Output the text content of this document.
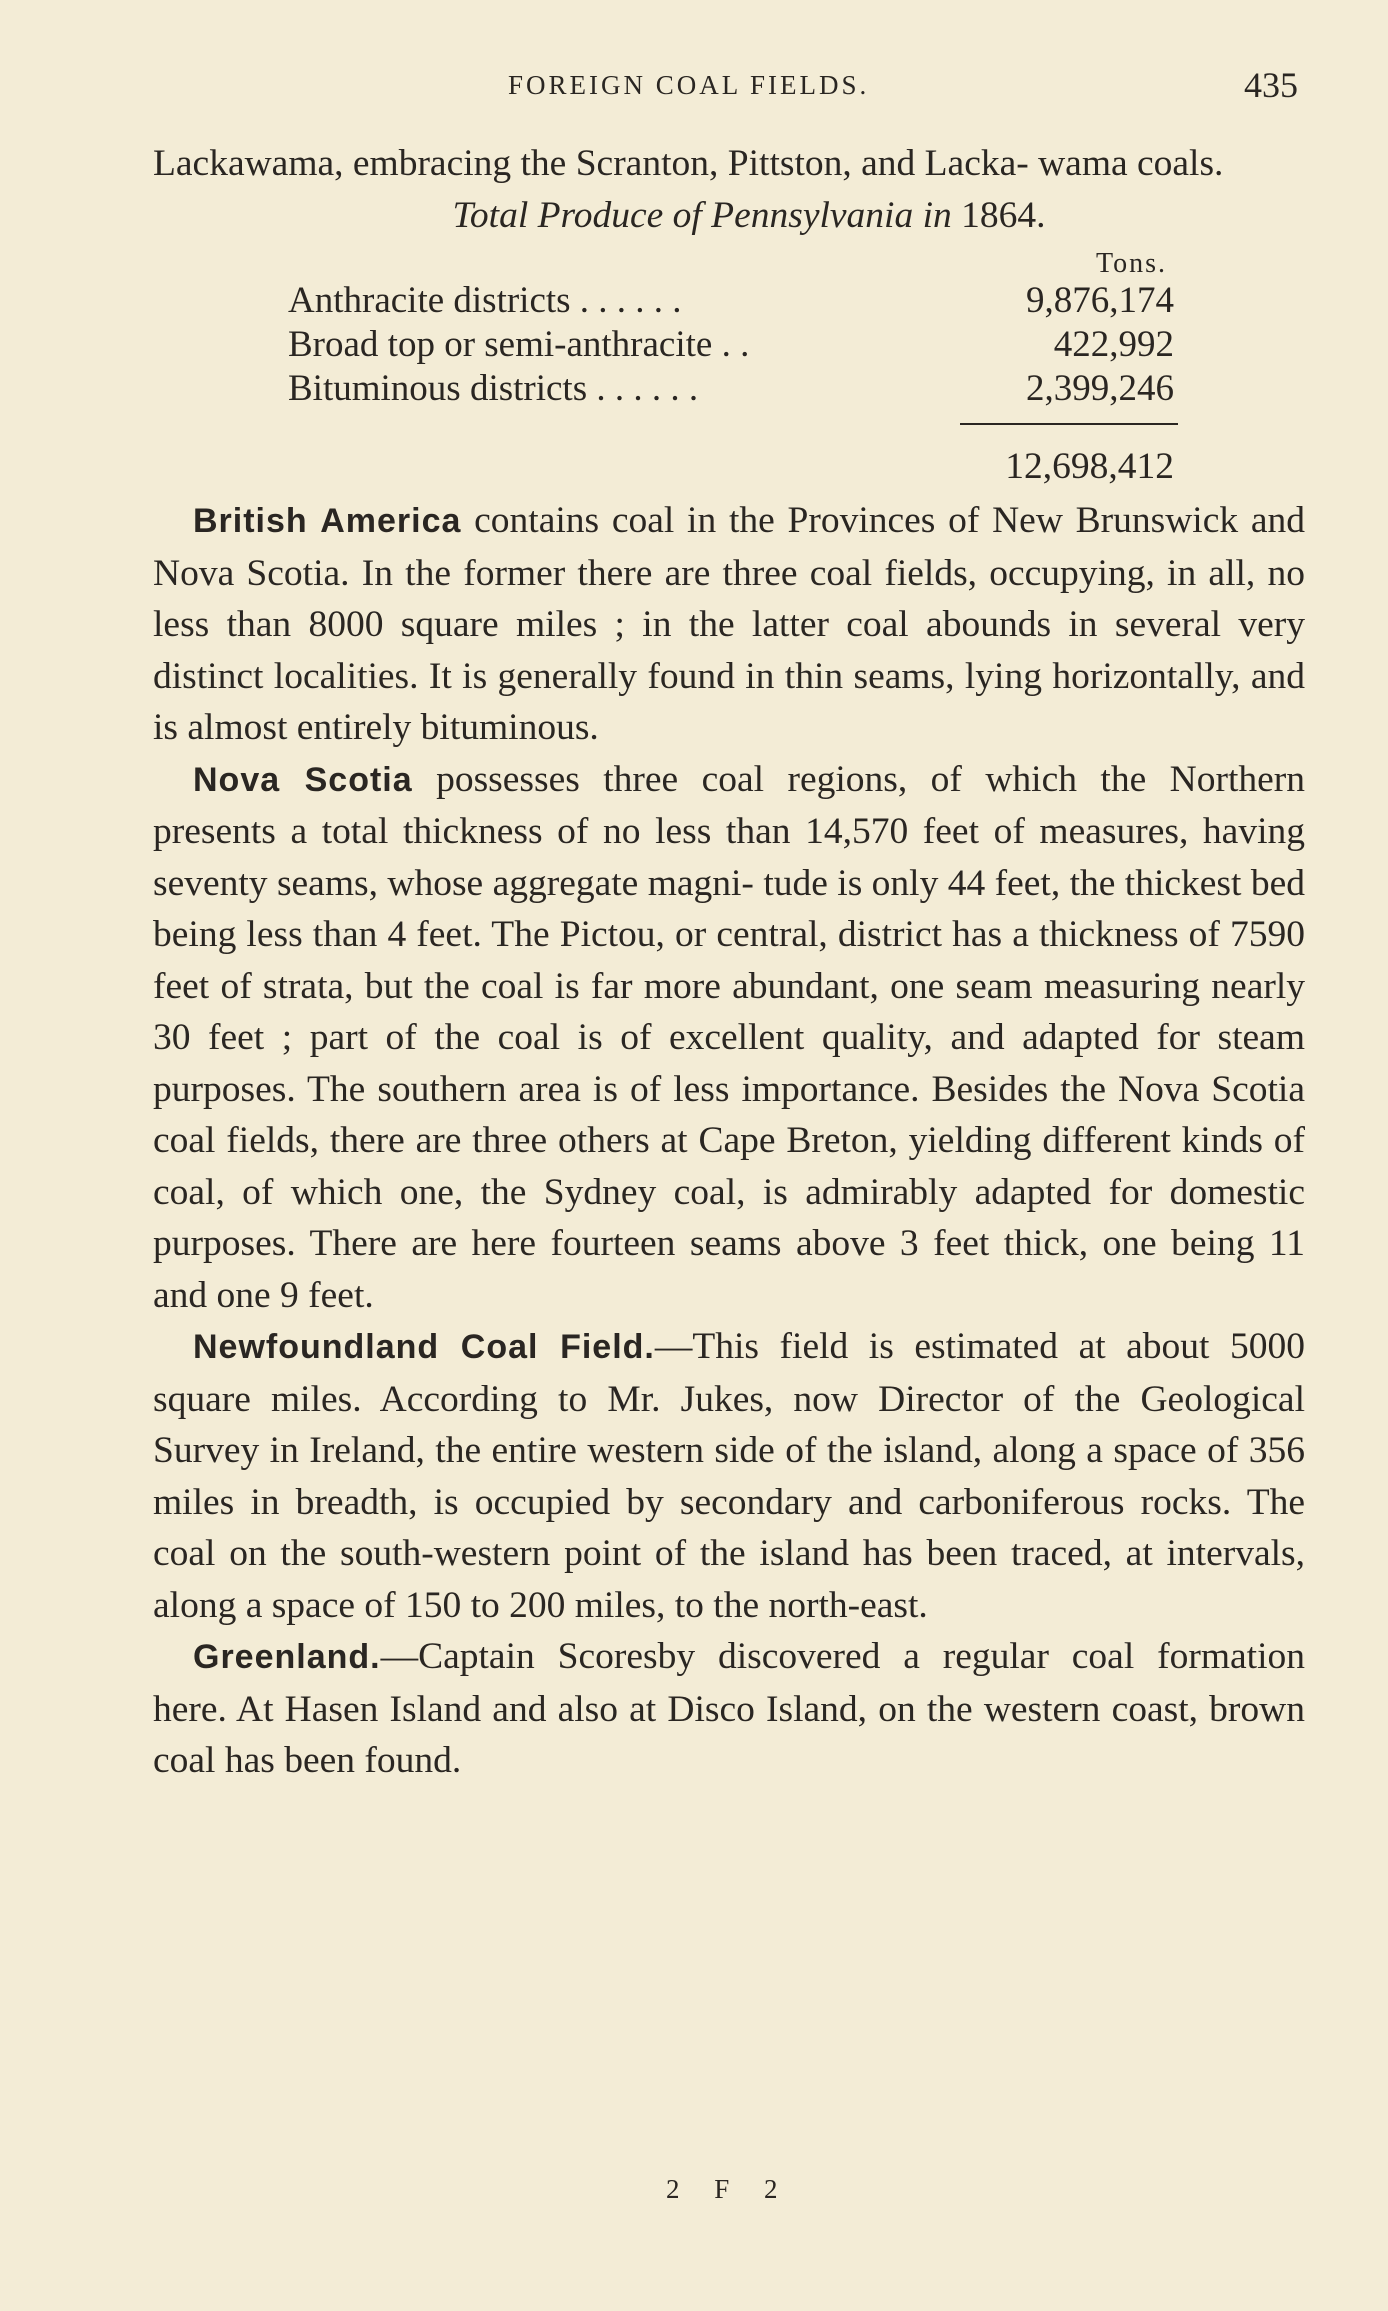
FOREIGN COAL FIELDS.	435

Lackawama, embracing the Scranton, Pittston, and Lacka- wama coals.

Total Produce of Pennsylvania in 1864.
Tons.
Anthracite districts . . . . . .	9,876,174
Broad top or semi-anthracite . .	422,992
Bituminous districts . . . . . .	2,399,246
12,698,412

British America contains coal in the Provinces of New Brunswick and Nova Scotia. In the former there are three coal fields, occupying, in all, no less than 8000 square miles ; in the latter coal abounds in several very distinct localities. It is generally found in thin seams, lying horizontally, and is almost entirely bituminous.

Nova Scotia possesses three coal regions, of which the Northern presents a total thickness of no less than 14,570 feet of measures, having seventy seams, whose aggregate magni- tude is only 44 feet, the thickest bed being less than 4 feet. The Pictou, or central, district has a thickness of 7590 feet of strata, but the coal is far more abundant, one seam measuring nearly 30 feet ; part of the coal is of excellent quality, and adapted for steam purposes. The southern area is of less importance. Besides the Nova Scotia coal fields, there are three others at Cape Breton, yielding different kinds of coal, of which one, the Sydney coal, is admirably adapted for domestic purposes. There are here fourteen seams above 3 feet thick, one being 11 and one 9 feet.

Newfoundland Coal Field.—This field is estimated at about 5000 square miles. According to Mr. Jukes, now Director of the Geological Survey in Ireland, the entire western side of the island, along a space of 356 miles in breadth, is occupied by secondary and carboniferous rocks. The coal on the south-western point of the island has been traced, at intervals, along a space of 150 to 200 miles, to the north-east.

Greenland.—Captain Scoresby discovered a regular coal formation here. At Hasen Island and also at Disco Island, on the western coast, brown coal has been found.

2 F 2
